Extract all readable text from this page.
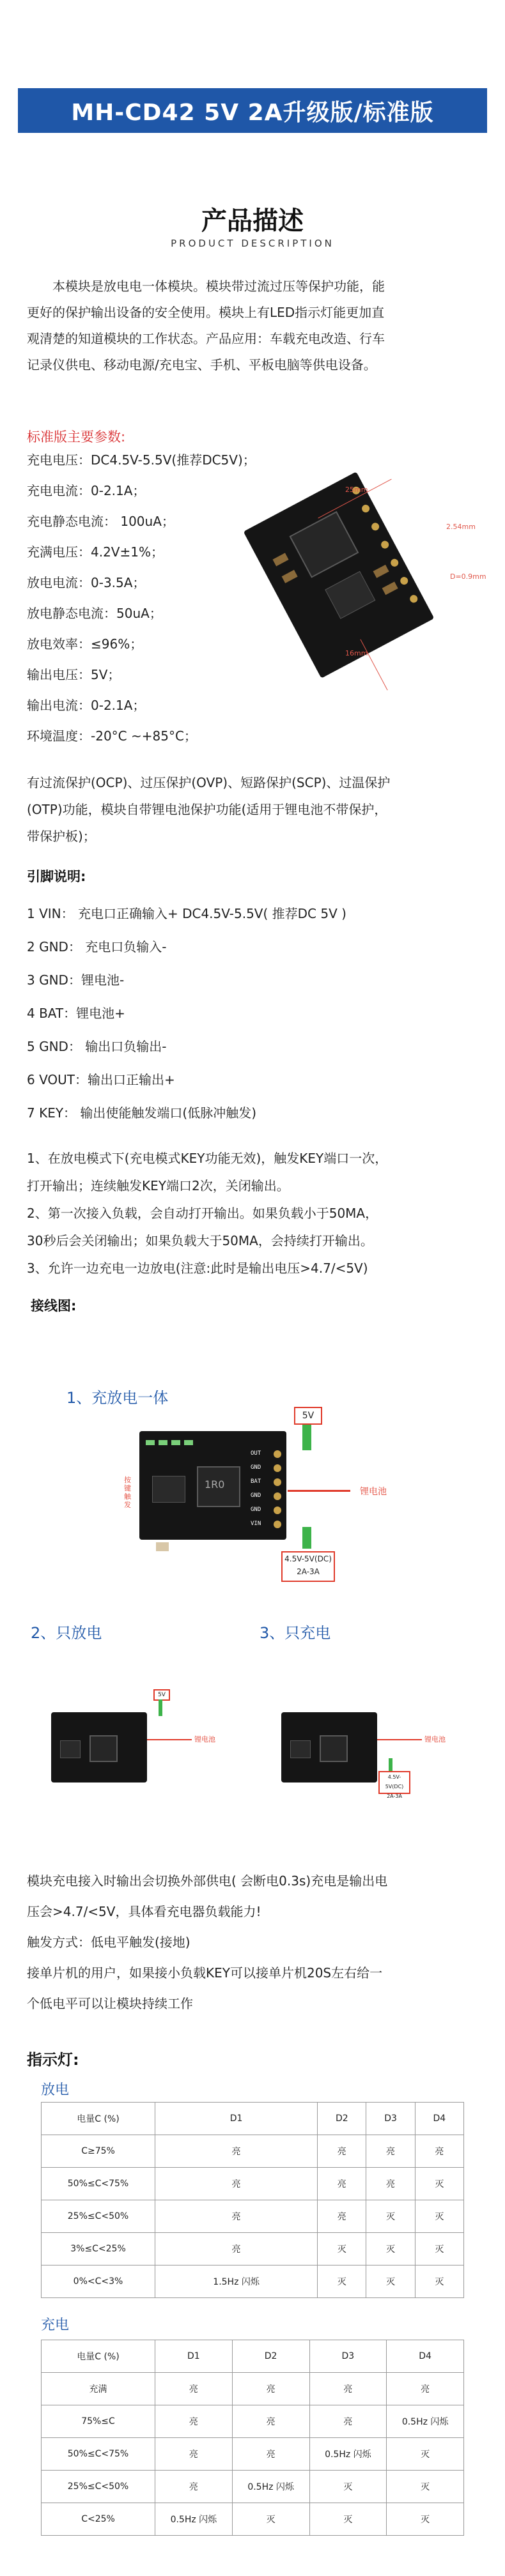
MH-CD42 5V 2A升级版/标准版
产品描述
PRODUCT DESCRIPTION
本模块是放电电一体模块。模块带过流过压等保护功能，能
更好的保护输出设备的安全使用。模块上有LED指示灯能更加直
观清楚的知道模块的工作状态。产品应用：车载充电改造、行车
记录仪供电、移动电源/充电宝、手机、平板电脑等供电设备。
标准版主要参数:
充电电压：DC4.5V-5.5V(推荐DC5V)；
充电电流：0-2.1A；
充电静态电流： 100uA；
充满电压：4.2V±1%；
放电电流：0-3.5A；
放电静态电流：50uA；
放电效率：≤96%；
输出电压：5V；
输出电流：0-2.1A；
环境温度：-20°C ~+85°C；
25mm
16mm
2.54mm
D=0.9mm
有过流保护(OCP)、过压保护(OVP)、短路保护(SCP)、过温保护
(OTP)功能，模块自带锂电池保护功能(适用于锂电池不带保护，
带保护板)；
引脚说明:
1 VIN： 充电口正确输入+ DC4.5V-5.5V( 推荐DC 5V )
2 GND： 充电口负输入-
3 GND：锂电池-
4 BAT：锂电池+
5 GND： 输出口负输出-
6 VOUT：输出口正输出+
7 KEY： 输出使能触发端口(低脉冲触发)
1、在放电模式下(充电模式KEY功能无效)，触发KEY端口一次，
打开输出；连续触发KEY端口2次，关闭输出。
2、第一次接入负载，会自动打开输出。如果负载小于50MA，
30秒后会关闭输出；如果负载大于50MA，会持续打开输出。
3、允许一边充电一边放电(注意:此时是输出电压>4.7/<5V)
接线图:
1、充放电一体
按键触发
1R0
OUT
GND
BAT
GND
GND
VIN
5V
锂电池
4.5V-5V(DC)
2A-3A
2、只放电	3、只充电
5V
锂电池	锂电池
4.5V-5V(DC)
2A-3A
模块充电接入时输出会切换外部供电( 会断电0.3s)充电是输出电
压会>4.7/<5V，具体看充电器负载能力!
触发方式：低电平触发(接地)
接单片机的用户，如果接小负载KEY可以接单片机20S左右给一
个低电平可以让模块持续工作
指示灯:
放电
电量C (%)	D1	D2	D3	D4
C≥75%	亮	亮	亮	亮
50%≤C<75%	亮	亮	亮	灭
25%≤C<50%	亮	亮	灭	灭
3%≤C<25%	亮	灭	灭	灭
0%<C<3%	1.5Hz 闪烁	灭	灭	灭
充电
电量C (%)	D1	D2	D3	D4
充满	亮	亮	亮	亮
75%≤C	亮	亮	亮	0.5Hz 闪烁
50%≤C<75%	亮	亮	0.5Hz 闪烁	灭
25%≤C<50%	亮	0.5Hz 闪烁	灭	灭
C<25%	0.5Hz 闪烁	灭	灭	灭
